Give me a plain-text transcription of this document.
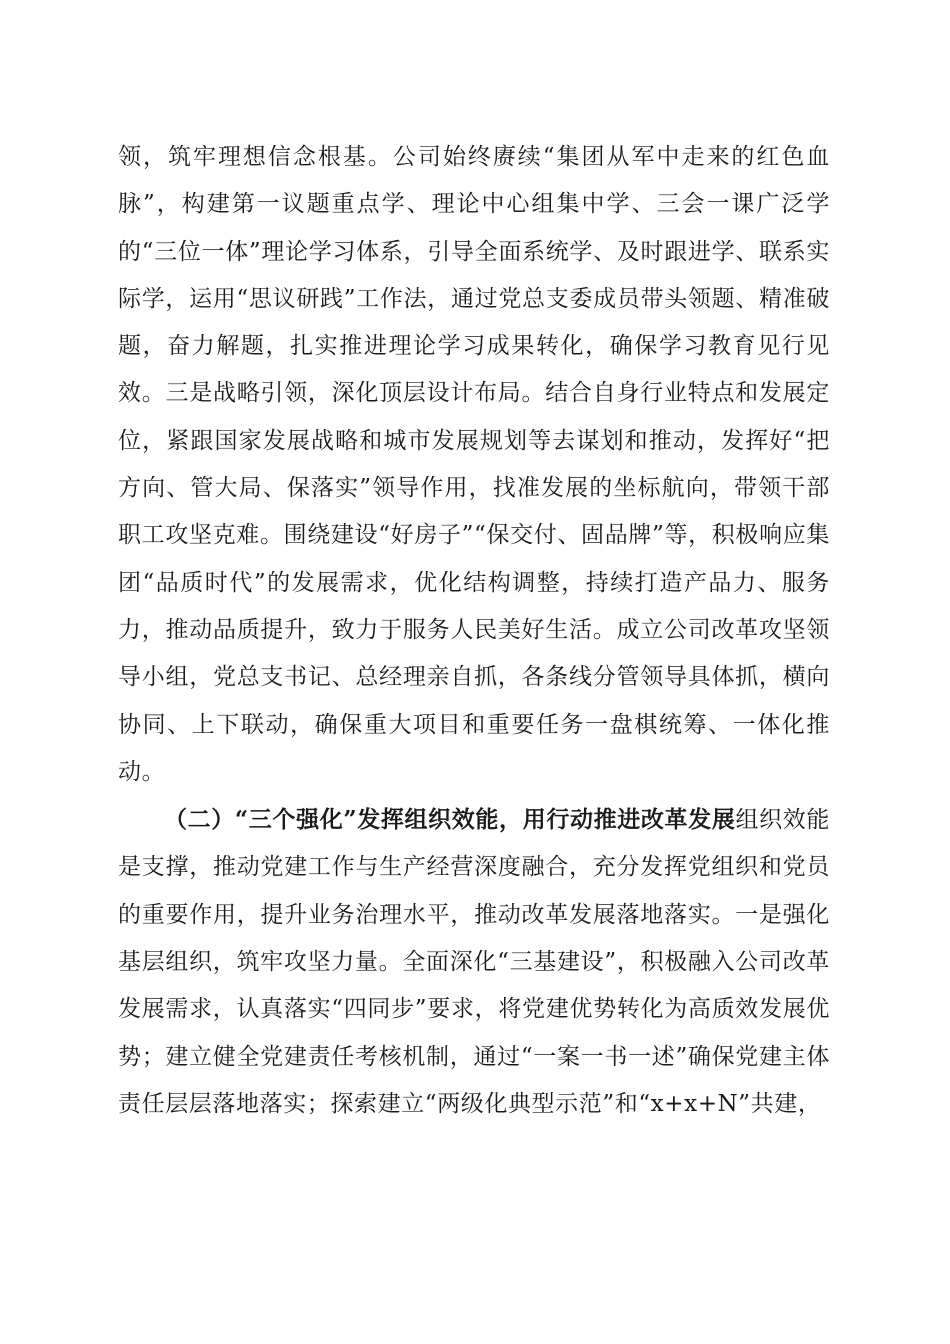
领，筑牢理想信念根基。公司始终赓续“集团从军中走来的红色血脉”，构建第一议题重点学、理论中心组集中学、三会一课广泛学的“三位一体”理论学习体系，引导全面系统学、及时跟进学、联系实际学，运用“思议研践”工作法，通过党总支委成员带头领题、精准破题，奋力解题，扎实推进理论学习成果转化，确保学习教育见行见效。三是战略引领，深化顶层设计布局。结合自身行业特点和发展定位，紧跟国家发展战略和城市发展规划等去谋划和推动，发挥好“把方向、管大局、保落实”领导作用，找准发展的坐标航向，带领干部职工攻坚克难。围绕建设“好房子”“保交付、固品牌”等，积极响应集团“品质时代”的发展需求，优化结构调整，持续打造产品力、服务力，推动品质提升，致力于服务人民美好生活。成立公司改革攻坚领导小组，党总支书记、总经理亲自抓，各条线分管领导具体抓，横向协同、上下联动，确保重大项目和重要任务一盘棋统筹、一体化推动。

（二）“三个强化”发挥组织效能，用行动推进改革发展组织效能是支撑，推动党建工作与生产经营深度融合，充分发挥党组织和党员的重要作用，提升业务治理水平，推动改革发展落地落实。一是强化基层组织，筑牢攻坚力量。全面深化“三基建设”，积极融入公司改革发展需求，认真落实“四同步”要求，将党建优势转化为高质效发展优势；建立健全党建责任考核机制，通过“一案一书一述”确保党建主体责任层层落地落实；探索建立“两级化典型示范”和“x+x+N”共建，
